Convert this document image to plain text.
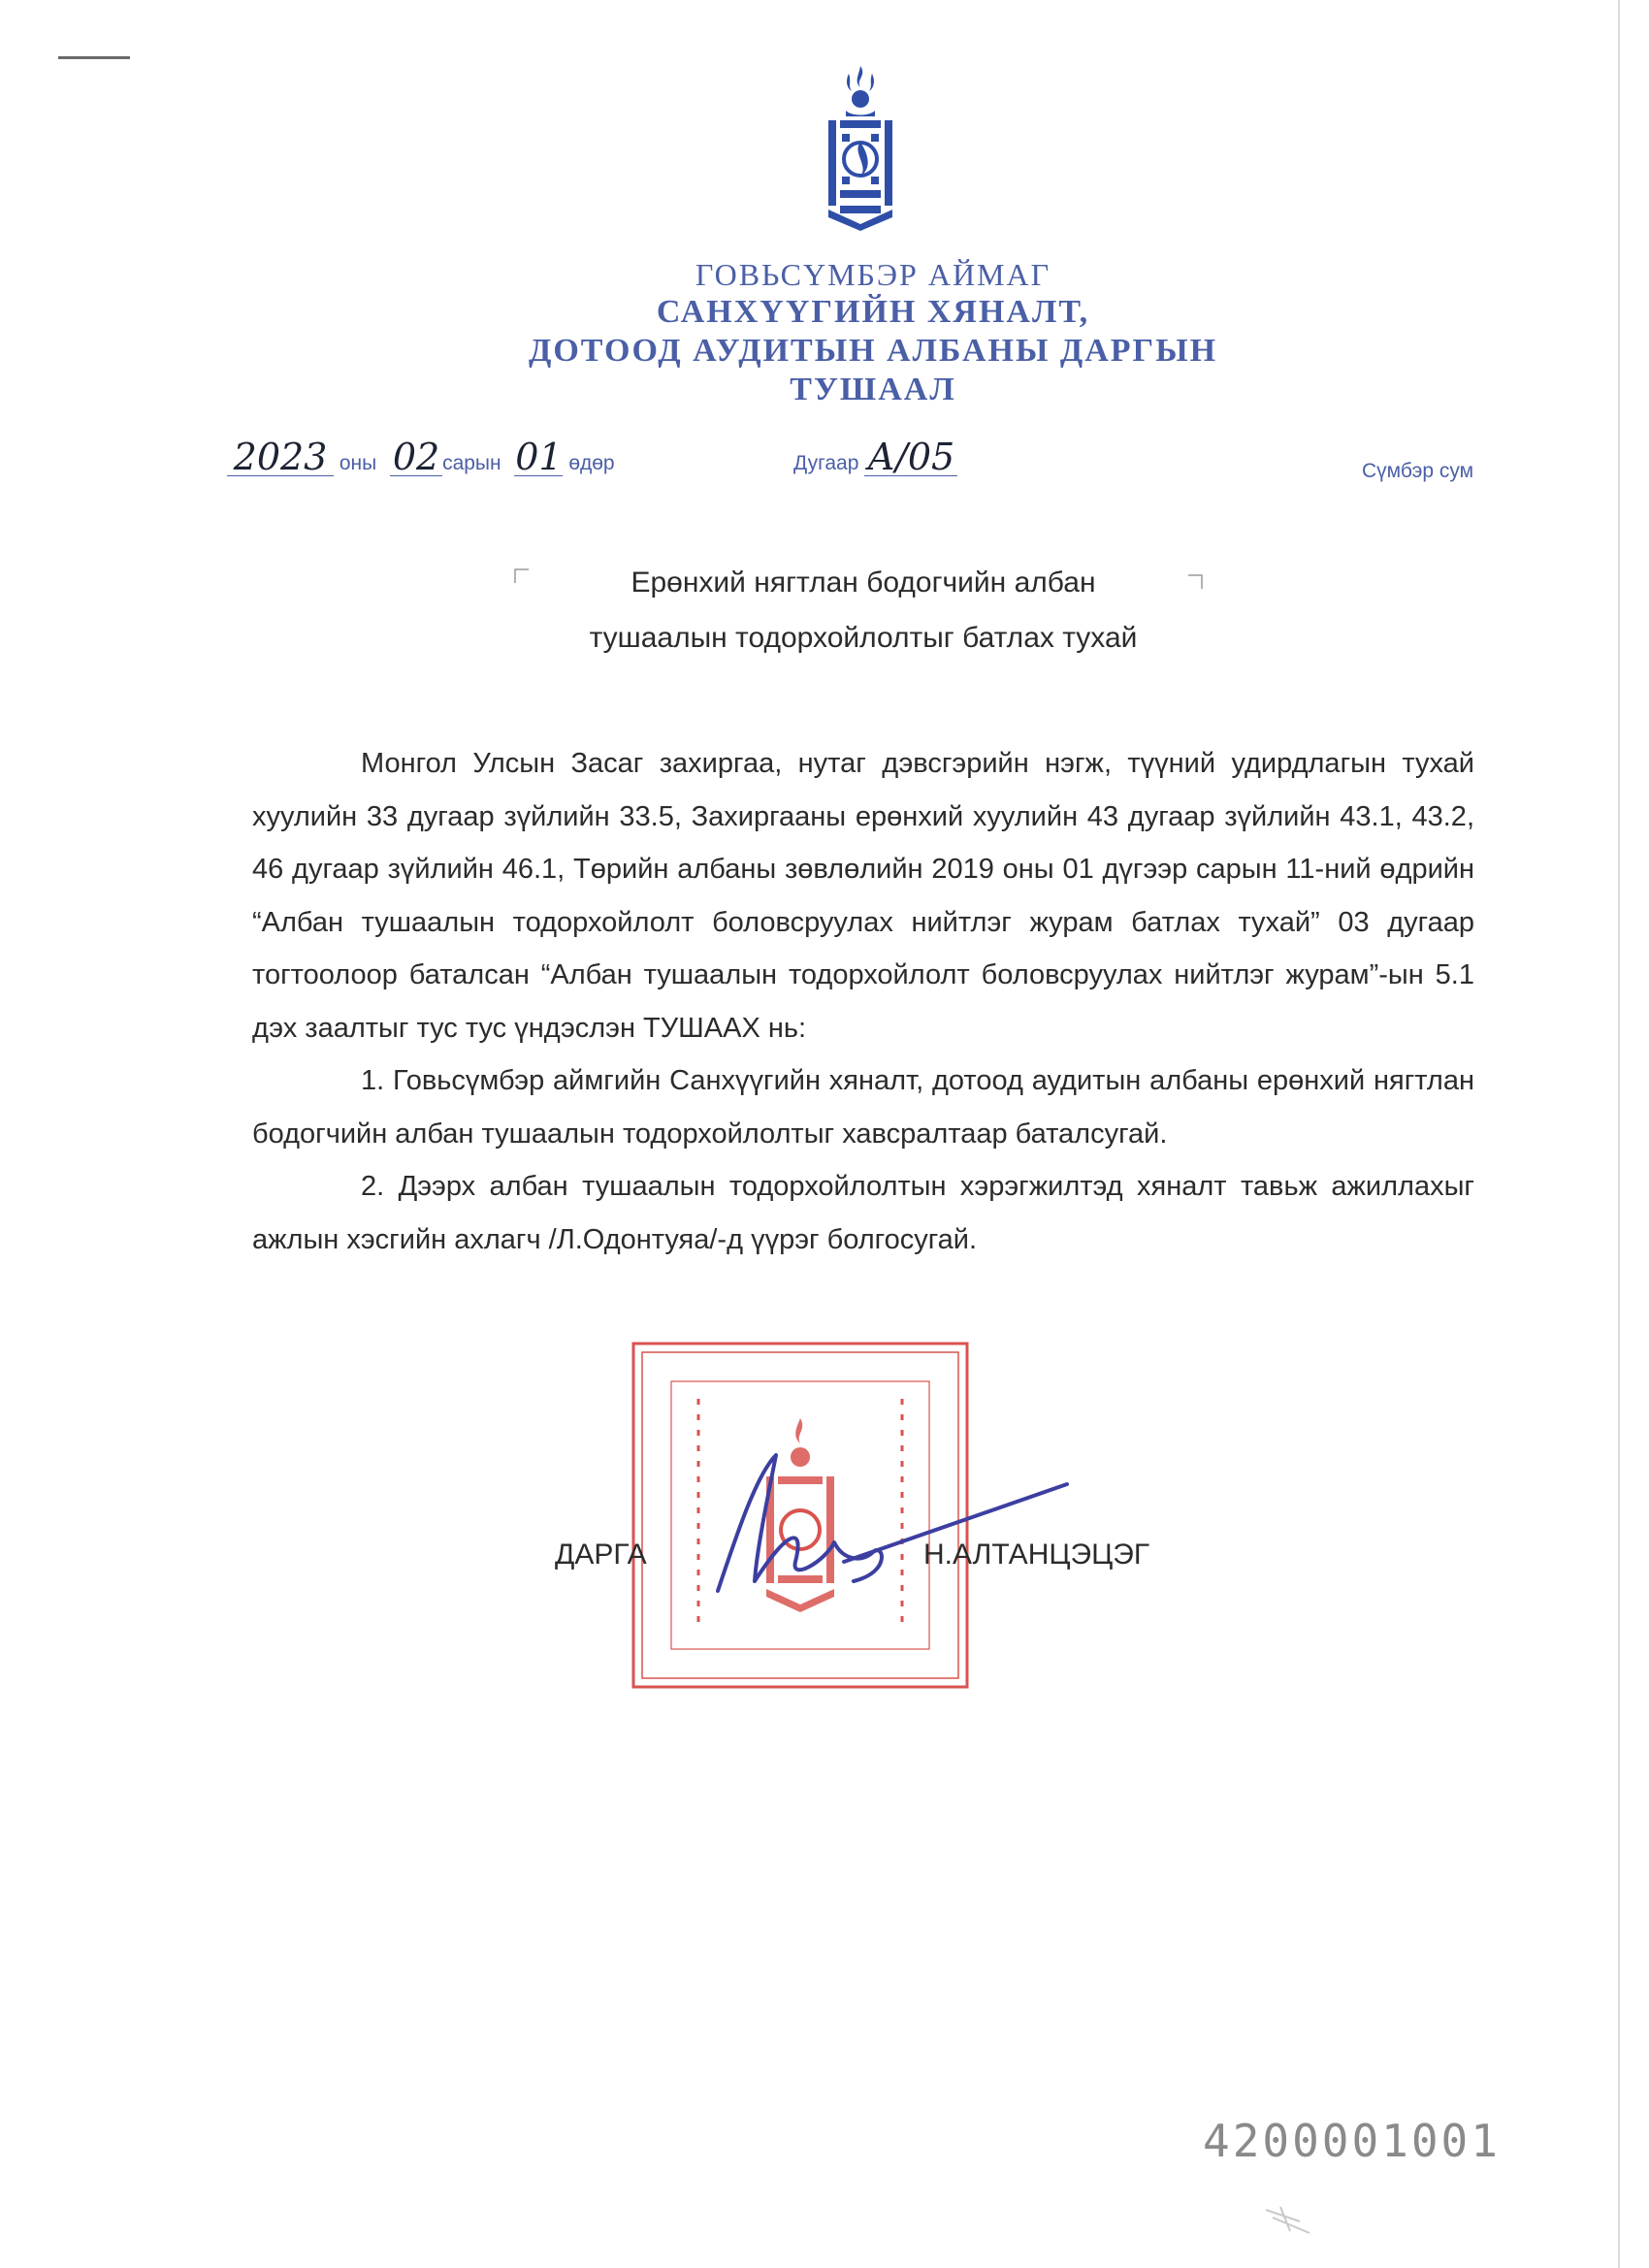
ГОВЬСҮМБЭР АЙМАГ
САНХҮҮГИЙН ХЯНАЛТ,
ДОТООД АУДИТЫН АЛБАНЫ ДАРГЫН
ТУШААЛ
2023 оны 02 сарын 01 өдөр	Дугаар А/05	Сүмбэр сум
Ерөнхий нягтлан бодогчийн албан
тушаалын тодорхойлолтыг батлах тухай

Монгол Улсын Засаг захиргаа, нутаг дэвсгэрийн нэгж, түүний удирдлагын тухай хуулийн 33 дугаар зүйлийн 33.5, Захиргааны ерөнхий хуулийн 43 дугаар зүйлийн 43.1, 43.2, 46 дугаар зүйлийн 46.1, Төрийн албаны зөвлөлийн 2019 оны 01 дүгээр сарын 11-ний өдрийн “Албан тушаалын тодорхойлолт боловсруулах нийтлэг журам батлах тухай” 03 дугаар тогтоолоор баталсан “Албан тушаалын тодорхойлолт боловсруулах нийтлэг журам”-ын 5.1 дэх заалтыг тус тус үндэслэн ТУШААХ нь:

1. Говьсүмбэр аймгийн Санхүүгийн хяналт, дотоод аудитын албаны ерөнхий нягтлан бодогчийн албан тушаалын тодорхойлолтыг хавсралтаар баталсугай.

2. Дээрх албан тушаалын тодорхойлолтын хэрэгжилтэд хяналт тавьж ажиллахыг ажлын хэсгийн ахлагч /Л.Одонтуяа/-д үүрэг болгосугай.

ДАРГА	Н.АЛТАНЦЭЦЭГ
4200001001
